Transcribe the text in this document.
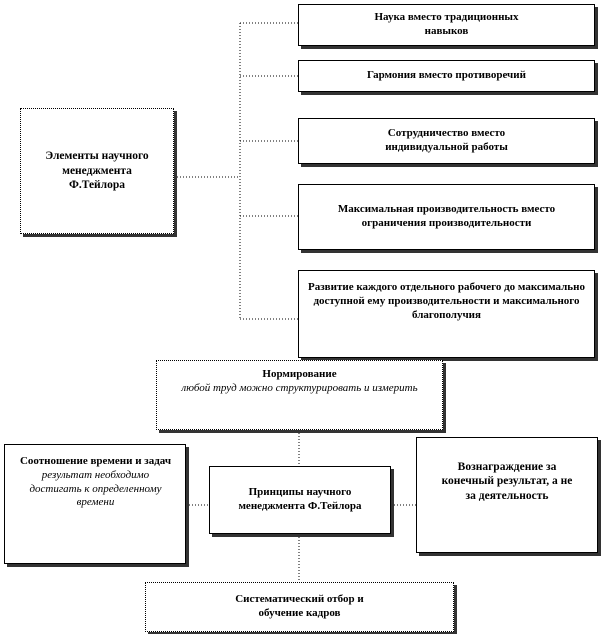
Элементы научного менеджмента Ф.Тейлора
Наука вместо традиционных навыков
Гармония вместо противоречий
Сотрудничество вместо индивидуальной работы
Максимальная производительность вместо ограничения производительности
Развитие каждого отдельного рабочего до максимально доступной ему производительности и максимального благополучия
Нормирование
любой труд можно структурировать и измерить
Соотношение времени и задач
результат необходимо достигать к определенному времени
Принципы научного менеджмента Ф.Тейлора
Вознаграждение за конечный результат, а не за деятельность
Систематический отбор и обучение кадров
